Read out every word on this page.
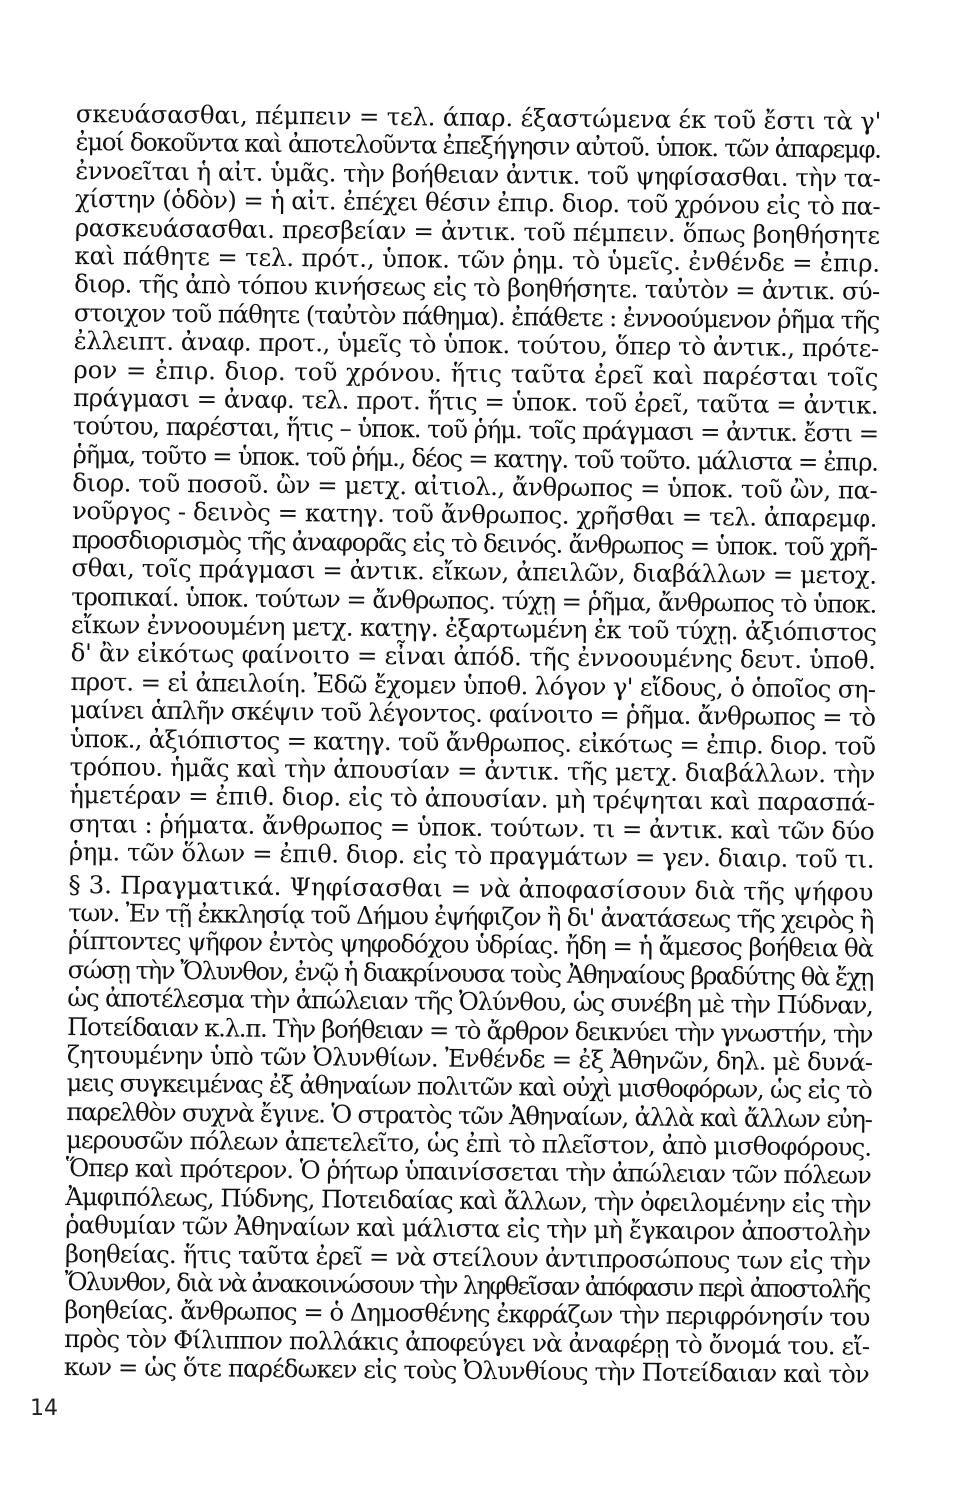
σκευάσασθαι, πέμπειν = τελ. άπαρ. έξαστώμενα έκ τοῦ ἔστι τὰ γ'
ἐμοί δοκοῦντα καὶ ἀποτελοῦντα ἐπεξήγησιν αὐτοῦ. ὑποκ. τῶν ἀπαρεμφ.
ἐννοεῖται ἡ αἰτ. ὑμᾶς. τὴν βοήθειαν ἀντικ. τοῦ ψηφίσασθαι. τὴν τα-
χίστην (ὁδὸν) = ἡ αἰτ. ἐπέχει θέσιν ἐπιρ. διορ. τοῦ χρόνου εἰς τὸ πα-
ρασκευάσασθαι. πρεσβείαν = ἀντικ. τοῦ πέμπειν. ὅπως βοηθήσητε
καὶ πάθητε = τελ. πρότ., ὑποκ. τῶν ῥημ. τὸ ὑμεῖς. ἐνθένδε = ἐπιρ.
διορ. τῆς ἀπὸ τόπου κινήσεως εἰς τὸ βοηθήσητε. ταὐτὸν = ἀντικ. σύ-
στοιχον τοῦ πάθητε (ταὐτὸν πάθημα). ἐπάθετε : ἐννοούμενον ῥῆμα τῆς
ἐλλειπτ. ἀναφ. προτ., ὑμεῖς τὸ ὑποκ. τούτου, ὅπερ τὸ ἀντικ., πρότε-
ρον = ἐπιρ. διορ. τοῦ χρόνου. ἥτις ταῦτα ἐρεῖ καὶ παρέσται τοῖς
πράγμασι = ἀναφ. τελ. προτ. ἥτις = ὑποκ. τοῦ ἐρεῖ, ταῦτα = ἀντικ.
τούτου, παρέσται, ἥτις – ὑποκ. τοῦ ῥήμ. τοῖς πράγμασι = ἀντικ. ἔστι =
ῥῆμα, τοῦτο = ὑποκ. τοῦ ῥήμ., δέος = κατηγ. τοῦ τοῦτο. μάλιστα = ἐπιρ.
διορ. τοῦ ποσοῦ. ὢν = μετχ. αἰτιολ., ἄνθρωπος = ὑποκ. τοῦ ὢν, πα-
νοῦργος - δεινὸς = κατηγ. τοῦ ἄνθρωπος. χρῆσθαι = τελ. ἀπαρεμφ.
προσδιορισμὸς τῆς ἀναφορᾶς εἰς τὸ δεινός. ἄνθρωπος = ὑποκ. τοῦ χρῆ-
σθαι, τοῖς πράγμασι = ἀντικ. εἴκων, ἀπειλῶν, διαβάλλων = μετοχ.
τροπικαί. ὑποκ. τούτων = ἄνθρωπος. τύχῃ = ῥῆμα, ἄνθρωπος τὸ ὑποκ.
εἴκων ἐννοουμένη μετχ. κατηγ. ἐξαρτωμένη ἐκ τοῦ τύχῃ. ἀξιόπιστος
δ' ἂν εἰκότως φαίνοιτο = εἶναι ἀπόδ. τῆς ἐννοουμένης δευτ. ὑποθ.
προτ. = εἰ ἀπειλοίη. Ἐδῶ ἔχομεν ὑποθ. λόγον γ' εἴδους, ὁ ὁποῖος ση-
μαίνει ἁπλῆν σκέψιν τοῦ λέγοντος. φαίνοιτο = ῥῆμα. ἄνθρωπος = τὸ
ὑποκ., ἀξιόπιστος = κατηγ. τοῦ ἄνθρωπος. εἰκότως = ἐπιρ. διορ. τοῦ
τρόπου. ἡμᾶς καὶ τὴν ἀπουσίαν = ἀντικ. τῆς μετχ. διαβάλλων. τὴν
ἡμετέραν = ἐπιθ. διορ. εἰς τὸ ἀπουσίαν. μὴ τρέψηται καὶ παρασπά-
σηται : ῥήματα. ἄνθρωπος = ὑποκ. τούτων. τι = ἀντικ. καὶ τῶν δύο
ῥημ. τῶν ὅλων = ἐπιθ. διορ. εἰς τὸ πραγμάτων = γεν. διαιρ. τοῦ τι.
§ 3. Πραγματικά. Ψηφίσασθαι = νὰ ἀποφασίσουν διὰ τῆς ψήφου
των. Ἐν τῇ ἐκκλησίᾳ τοῦ Δήμου ἐψήφιζον ἢ δι' ἀνατάσεως τῆς χειρὸς ἢ
ῥίπτοντες ψῆφον ἐντὸς ψηφοδόχου ὑδρίας. ἤδη = ἡ ἄμεσος βοήθεια θὰ
σώσῃ τὴν Ὄλυνθον, ἐνῷ ἡ διακρίνουσα τοὺς Ἀθηναίους βραδύτης θὰ ἔχῃ
ὡς ἀποτέλεσμα τὴν ἀπώλειαν τῆς Ὀλύνθου, ὡς συνέβη μὲ τὴν Πύδναν,
Ποτείδαιαν κ.λ.π. Τὴν βοήθειαν = τὸ ἄρθρον δεικνύει τὴν γνωστήν, τὴν
ζητουμένην ὑπὸ τῶν Ὀλυνθίων. Ἐνθένδε = ἐξ Ἀθηνῶν, δηλ. μὲ δυνά-
μεις συγκειμένας ἐξ ἀθηναίων πολιτῶν καὶ οὐχὶ μισθοφόρων, ὡς εἰς τὸ
παρελθὸν συχνὰ ἔγινε. Ὁ στρατὸς τῶν Ἀθηναίων, ἀλλὰ καὶ ἄλλων εὐη-
μερουσῶν πόλεων ἀπετελεῖτο, ὡς ἐπὶ τὸ πλεῖστον, ἀπὸ μισθοφόρους.
Ὅπερ καὶ πρότερον. Ὁ ῥήτωρ ὑπαινίσσεται τὴν ἀπώλειαν τῶν πόλεων
Ἀμφιπόλεως, Πύδνης, Ποτειδαίας καὶ ἄλλων, τὴν ὀφειλομένην εἰς τὴν
ῥαθυμίαν τῶν Ἀθηναίων καὶ μάλιστα εἰς τὴν μὴ ἔγκαιρον ἀποστολὴν
βοηθείας. ἥτις ταῦτα ἐρεῖ = νὰ στείλουν ἀντιπροσώπους των εἰς τὴν
Ὄλυνθον, διὰ νὰ ἀνακοινώσουν τὴν ληφθεῖσαν ἀπόφασιν περὶ ἀποστολῆς
βοηθείας. ἄνθρωπος = ὁ Δημοσθένης ἐκφράζων τὴν περιφρόνησίν του
πρὸς τὸν Φίλιππον πολλάκις ἀποφεύγει νὰ ἀναφέρῃ τὸ ὄνομά του. εἴ-
κων = ὡς ὅτε παρέδωκεν εἰς τοὺς Ὀλυνθίους τὴν Ποτείδαιαν καὶ τὸν
14
